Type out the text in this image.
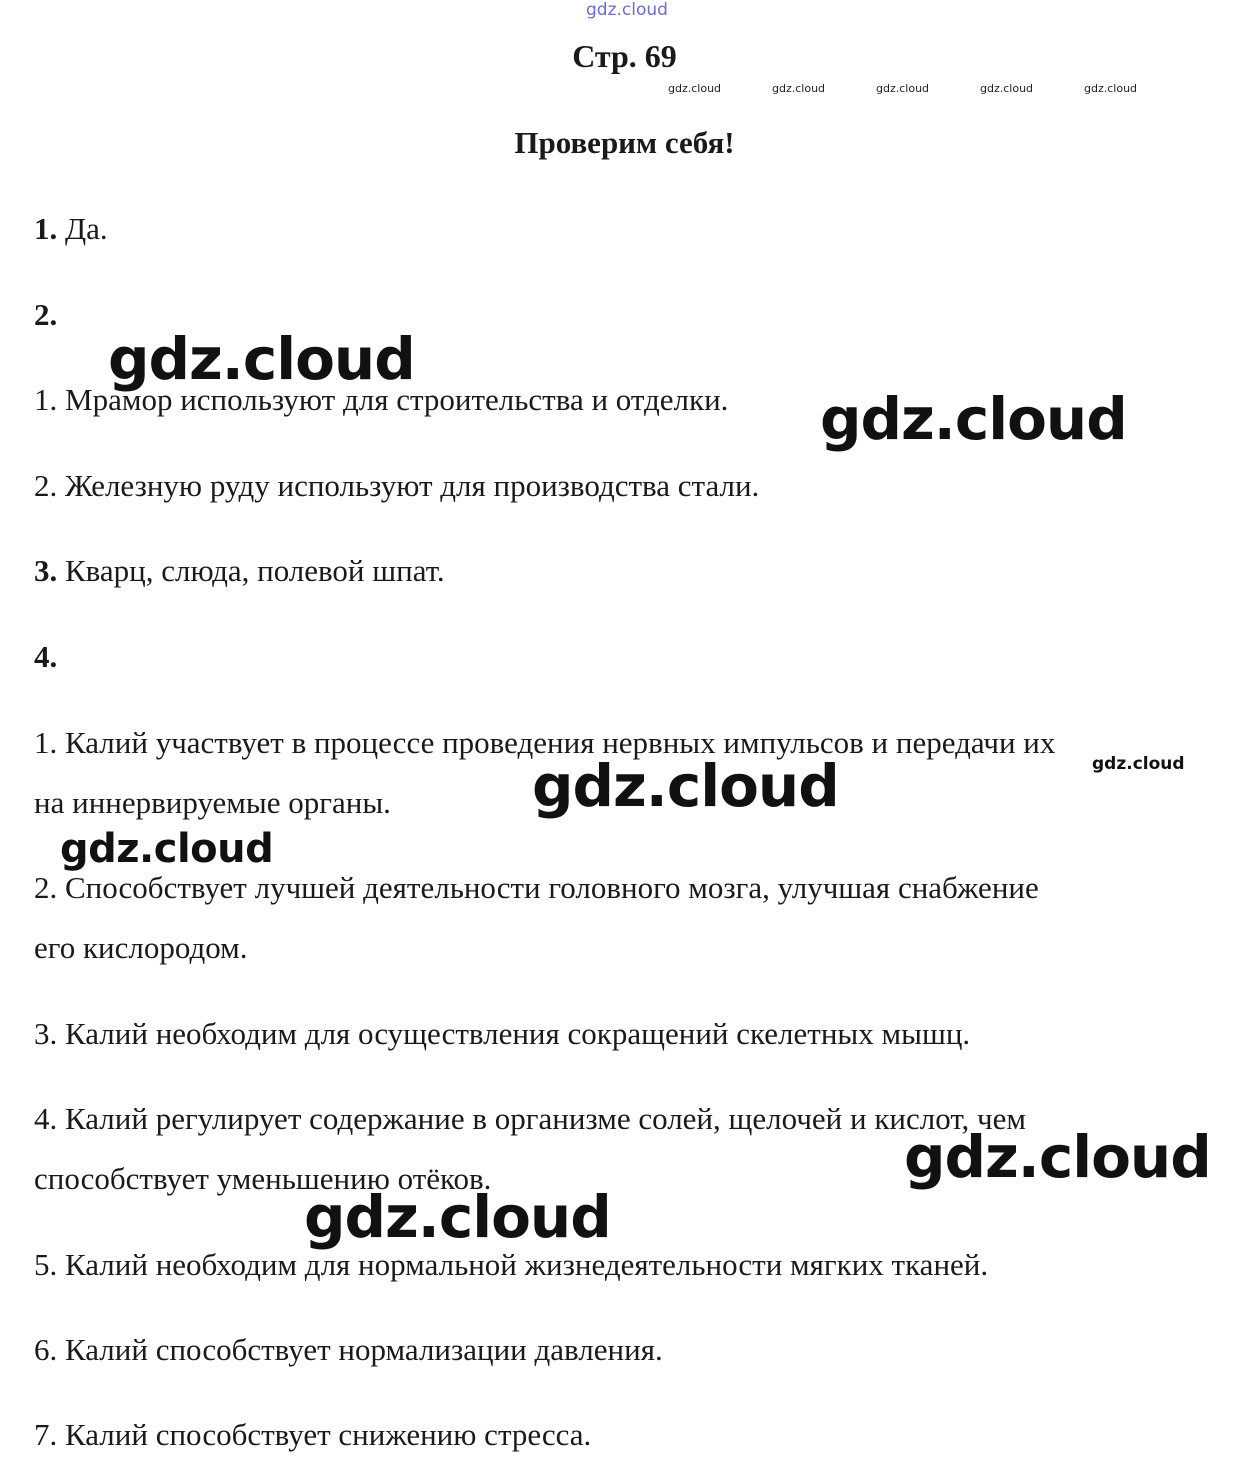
gdz.cloud
gdz.cloud	gdz.cloud	gdz.cloud	gdz.cloud	gdz.cloud
Стр. 69
Проверим себя!
1. Да.
2.
1. Мрамор используют для строительства и отделки.
2. Железную руду используют для производства стали.
3. Кварц, слюда, полевой шпат.
4.
1. Калий участвует в процессе проведения нервных импульсов и передачи их
на иннервируемые органы.
2. Способствует лучшей деятельности головного мозга, улучшая снабжение
его кислородом.
3. Калий необходим для осуществления сокращений скелетных мышц.
4. Калий регулирует содержание в организме солей, щелочей и кислот, чем
способствует уменьшению отёков.
5. Калий необходим для нормальной жизнедеятельности мягких тканей.
6. Калий способствует нормализации давления.
7. Калий способствует снижению стресса.
gdz.cloud
gdz.cloud
gdz.cloud
gdz.cloud
gdz.cloud
gdz.cloud
gdz.cloud
